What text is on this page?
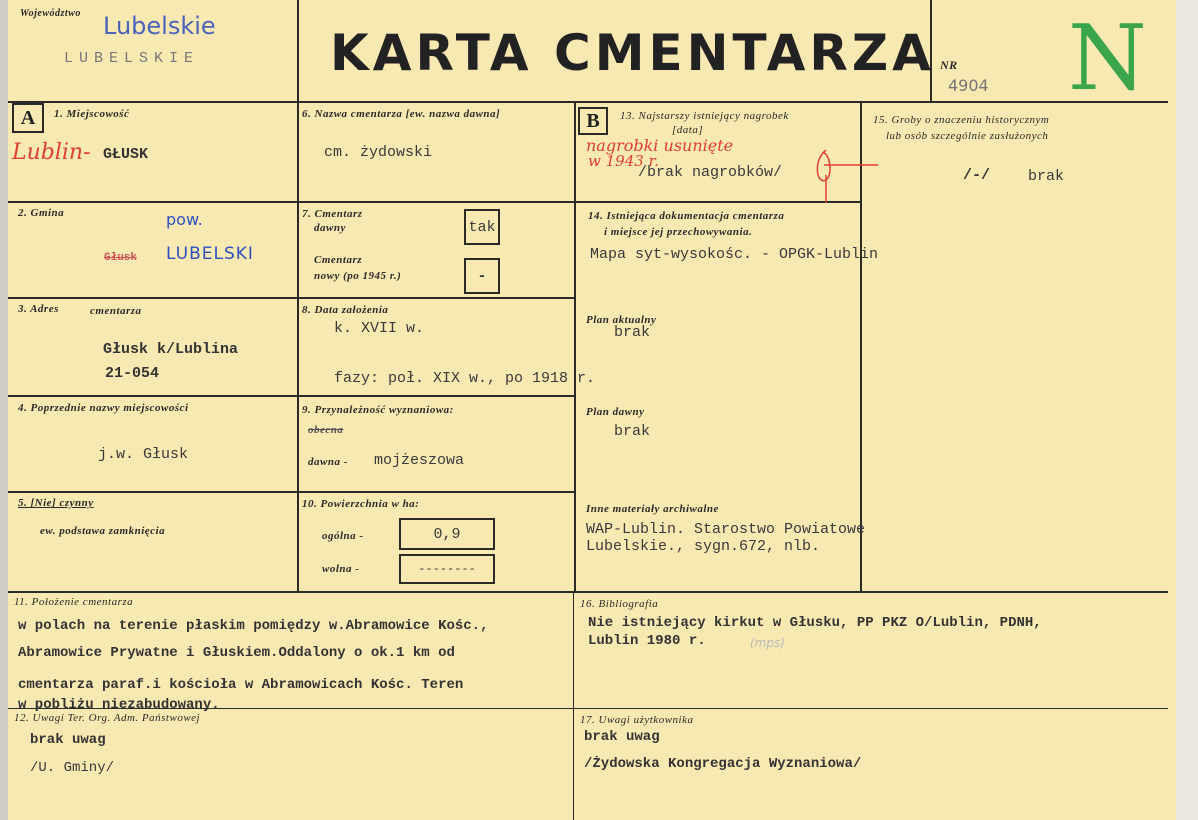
Województwo Lubelskie
LUBELSKIE	KARTA CMENTARZA NR
4904 N
A	1. Miejscowość
Lublin- GŁUSK
2. Gmina
Głusk
pow.
LUBELSKI
3. Adres	cmentarza
Głusk k/Lublina
21-054
4. Poprzednie nazwy miejscowości
j.w. Głusk
5. [Nie] czynny
ew. podstawa zamknięcia
6. Nazwa cmentarza [ew. nazwa dawna]
cm. żydowski
7. Cmentarz
dawny	tak
Cmentarz
nowy (po 1945 r.)	-
8. Data założenia
k. XVII w.
fazy: poł. XIX w., po 1918 r.
9. Przynależność wyznaniowa:
obecna
dawna - mojżeszowa
10. Powierzchnia w ha:
ogólna -	0,9
wolna -	--------
B	13. Najstarszy istniejący nagrobek
[data]
nagrobki usunięte
w 1943 r.
/brak nagrobków/
14. Istniejąca dokumentacja cmentarza
i miejsce jej przechowywania.
Mapa syt-wysokośc. - OPGK-Lublin
Plan aktualny
brak
Plan dawny
brak
Inne materiały archiwalne
WAP-Lublin. Starostwo Powiatowe
Lubelskie., sygn.672, nlb.
15. Groby o znaczeniu historycznym
lub osób szczególnie zasłużonych
/-/	brak
11. Położenie cmentarza
w polach na terenie płaskim pomiędzy w.Abramowice Kośc.,
Abramowice Prywatne i Głuskiem.Oddalony o ok.1 km od
cmentarza paraf.i kościoła w Abramowicach Kośc. Teren
w pobliżu niezabudowany.
12. Uwagi Ter. Org. Adm. Państwowej
brak uwag
/U. Gminy/
16. Bibliografia
Nie istniejący kirkut w Głusku, PP PKZ O/Lublin, PDNH,
Lublin 1980 r.	(mps)
17. Uwagi użytkownika
brak uwag
/Żydowska Kongregacja Wyznaniowa/
